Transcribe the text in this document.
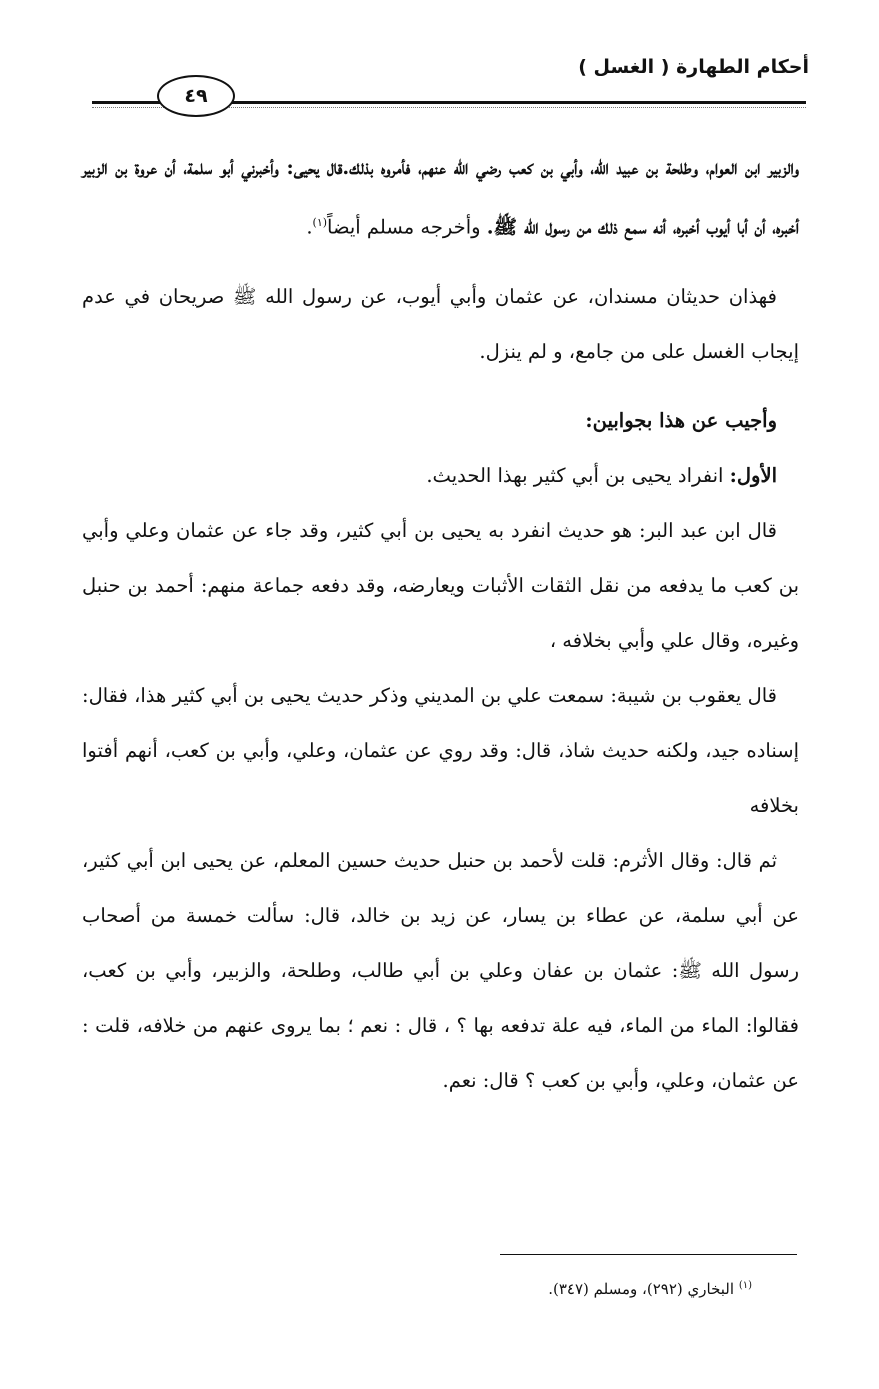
أحكام الطهارة ( الغسل )
٤٩

والزبير ابن العوام، وطلحة بن عبيد الله، وأبي بن كعب رضي الله عنهم، فأمروه بذلك.قال يحيى: وأخبرني أبو سلمة، أن عروة بن الزبير أخبره، أن أبا أيوب أخبره، أنه سمع ذلك من رسول الله ﷺ. وأخرجه مسلم أيضاً$^{(١)}$.

فهذان حديثان مسندان، عن عثمان وأبي أيوب، عن رسول الله ﷺ صريحان في عدم إيجاب الغسل على من جامع، و لم ينزل.

وأجيب عن هذا بجوابين:

الأول: انفراد يحيى بن أبي كثير بهذا الحديث.

قال ابن عبد البر: هو حديث انفرد به يحيى بن أبي كثير، وقد جاء عن عثمان وعلي وأبي بن كعب ما يدفعه من نقل الثقات الأثبات ويعارضه، وقد دفعه جماعة منهم: أحمد بن حنبل وغيره، وقال علي وأبي بخلافه ،

قال يعقوب بن شيبة: سمعت علي بن المديني وذكر حديث يحيى بن أبي كثير هذا، فقال: إسناده جيد، ولكنه حديث شاذ، قال: وقد روي عن عثمان، وعلي، وأبي بن كعب، أنهم أفتوا بخلافه

ثم قال: وقال الأثرم: قلت لأحمد بن حنبل حديث حسين المعلم، عن يحيى ابن أبي كثير، عن أبي سلمة، عن عطاء بن يسار، عن زيد بن خالد، قال: سألت خمسة من أصحاب رسول الله ﷺ: عثمان بن عفان وعلي بن أبي طالب، وطلحة، والزبير، وأبي بن كعب، فقالوا: الماء من الماء، فيه علة تدفعه بها ؟ ، قال : نعم ؛ بما يروى عنهم من خلافه، قلت : عن عثمان، وعلي، وأبي بن كعب ؟ قال: نعم.

$^{(١)}$ البخاري (٢٩٢)، ومسلم (٣٤٧).
